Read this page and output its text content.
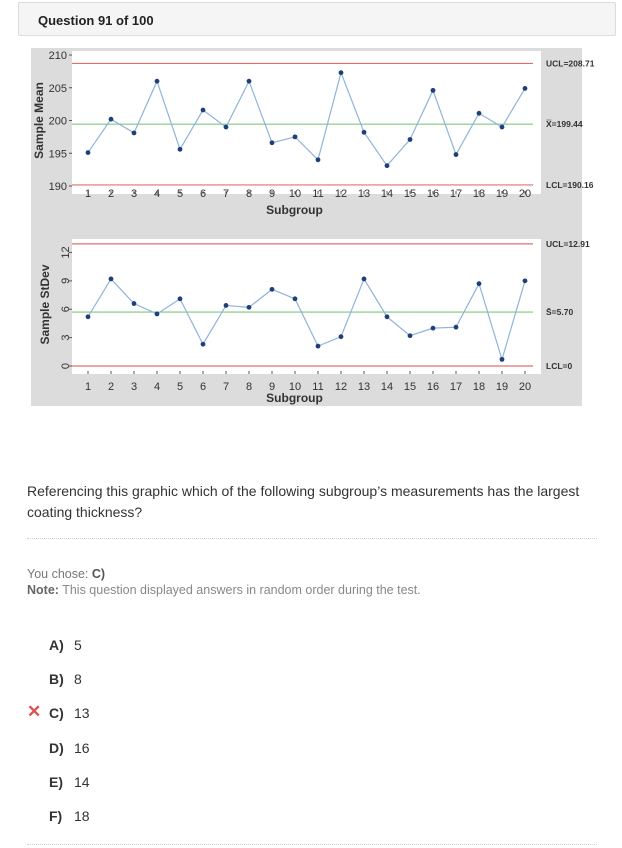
Question 91 of 100
190
195
200
205
210
Sample Mean
UCL=208.71
X̿=199.44
LCL=190.16
1 2 3 4 5 6 7 8 9 10 11 12 13 14 15 16 17 18 19 20
Subgroup
0
3
6
9
12
Sample StDev
UCL=12.91
S̄=5.70
LCL=0
1 2 3 4 5 6 7 8 9 10 11 12 13 14 15 16 17 18 19 20
Subgroup
Referencing this graphic which of the following subgroup’s measurements has the largest coating thickness?
You chose: C)
Note: This question displayed answers in random order during the test.
✕
A) 5
B) 8
C) 13
D) 16
E) 14
F) 18
